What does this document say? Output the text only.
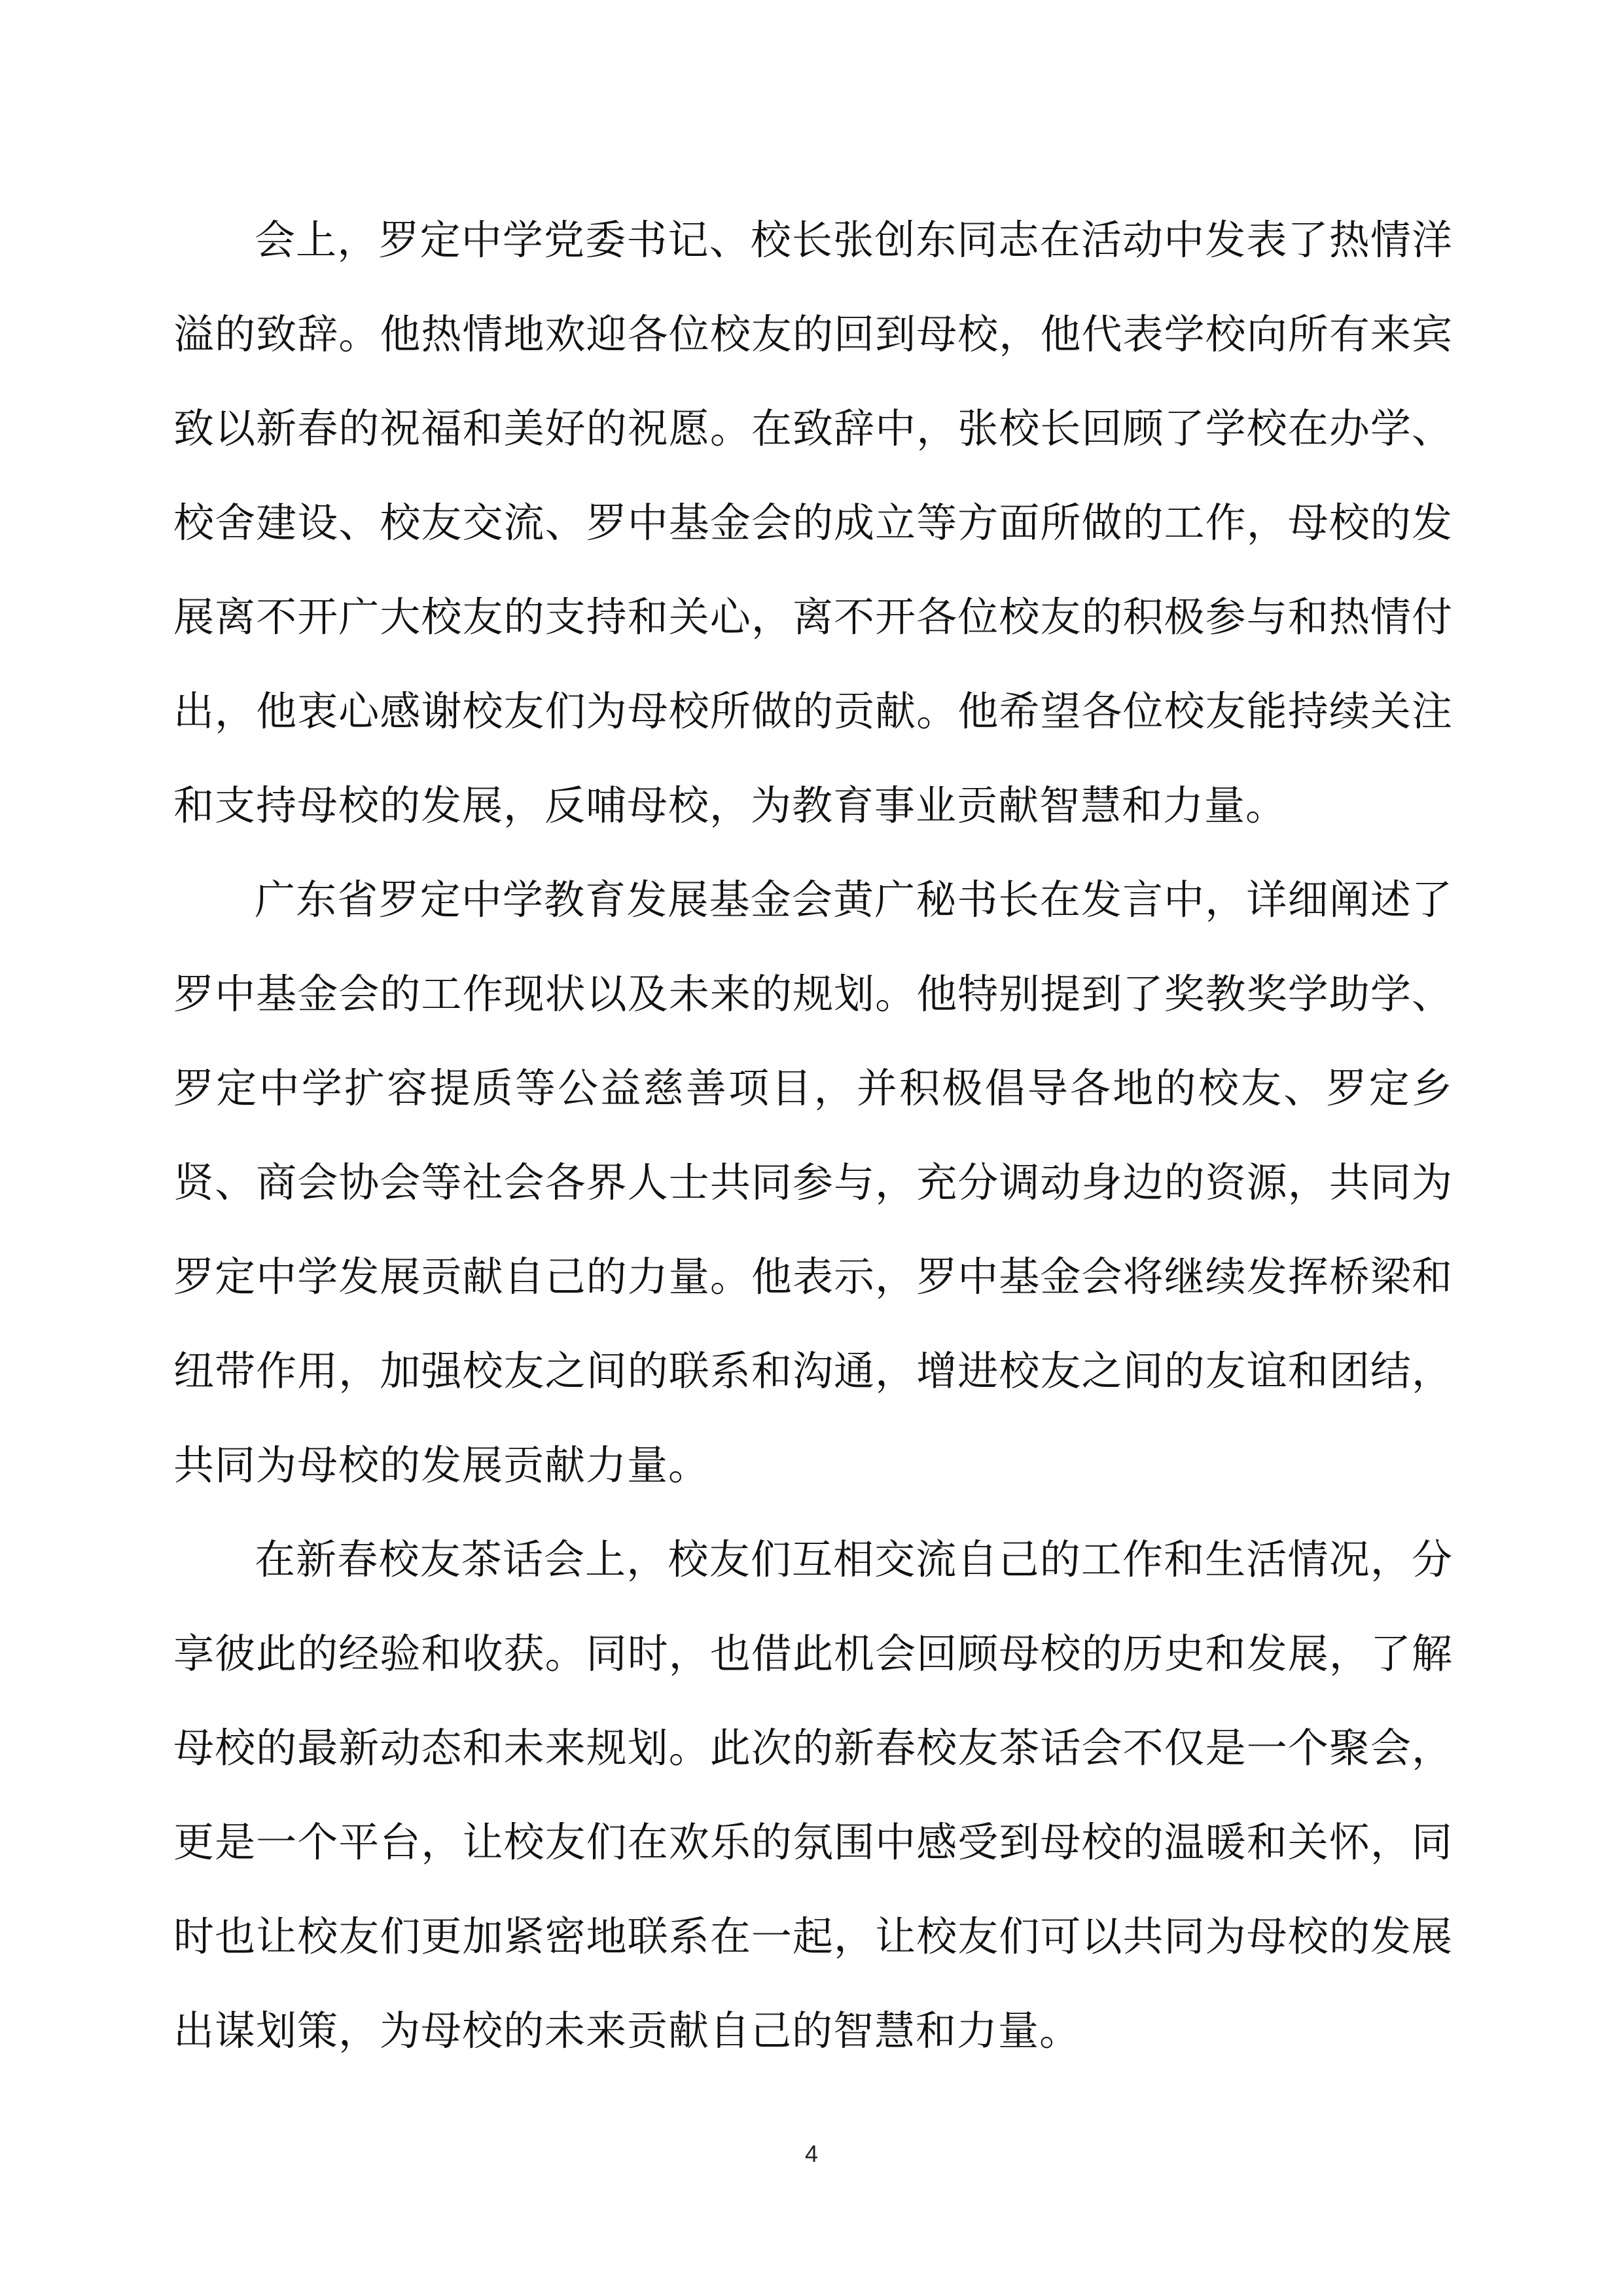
会上，罗定中学党委书记、校长张创东同志在活动中发表了热情洋溢的致辞。他热情地欢迎各位校友的回到母校，他代表学校向所有来宾致以新春的祝福和美好的祝愿。在致辞中，张校长回顾了学校在办学、校舍建设、校友交流、罗中基金会的成立等方面所做的工作，母校的发展离不开广大校友的支持和关心，离不开各位校友的积极参与和热情付出，他衷心感谢校友们为母校所做的贡献。他希望各位校友能持续关注和支持母校的发展，反哺母校，为教育事业贡献智慧和力量。

广东省罗定中学教育发展基金会黄广秘书长在发言中，详细阐述了罗中基金会的工作现状以及未来的规划。他特别提到了奖教奖学助学、罗定中学扩容提质等公益慈善项目，并积极倡导各地的校友、罗定乡贤、商会协会等社会各界人士共同参与，充分调动身边的资源，共同为罗定中学发展贡献自己的力量。他表示，罗中基金会将继续发挥桥梁和纽带作用，加强校友之间的联系和沟通，增进校友之间的友谊和团结，共同为母校的发展贡献力量。

在新春校友茶话会上，校友们互相交流自己的工作和生活情况，分享彼此的经验和收获。同时，也借此机会回顾母校的历史和发展，了解母校的最新动态和未来规划。此次的新春校友茶话会不仅是一个聚会，更是一个平台，让校友们在欢乐的氛围中感受到母校的温暖和关怀，同时也让校友们更加紧密地联系在一起，让校友们可以共同为母校的发展出谋划策，为母校的未来贡献自己的智慧和力量。

4
